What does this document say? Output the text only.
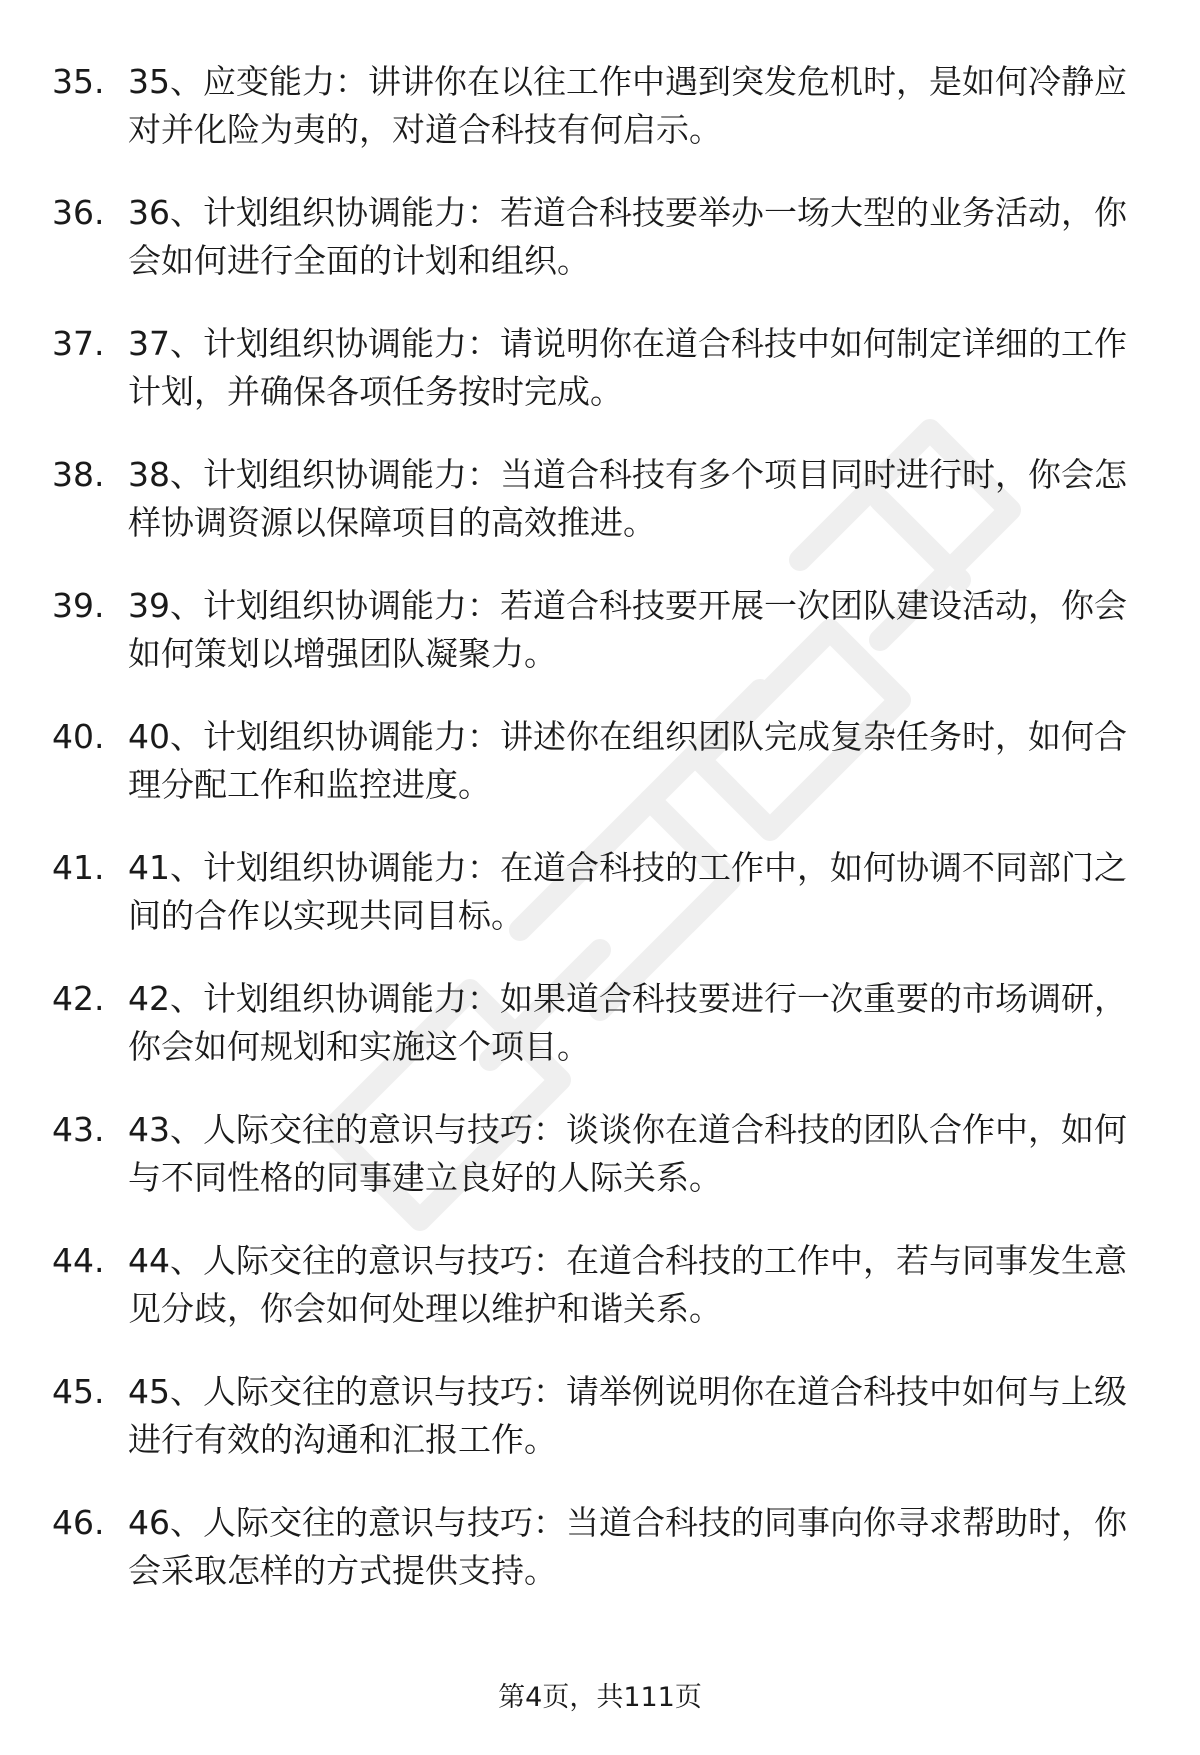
35. 35、应变能力：讲讲你在以往工作中遇到突发危机时，是如何冷静应对并化险为夷的，对道合科技有何启示。
36. 36、计划组织协调能力：若道合科技要举办一场大型的业务活动，你会如何进行全面的计划和组织。
37. 37、计划组织协调能力：请说明你在道合科技中如何制定详细的工作计划，并确保各项任务按时完成。
38. 38、计划组织协调能力：当道合科技有多个项目同时进行时，你会怎样协调资源以保障项目的高效推进。
39. 39、计划组织协调能力：若道合科技要开展一次团队建设活动，你会如何策划以增强团队凝聚力。
40. 40、计划组织协调能力：讲述你在组织团队完成复杂任务时，如何合理分配工作和监控进度。
41. 41、计划组织协调能力：在道合科技的工作中，如何协调不同部门之间的合作以实现共同目标。
42. 42、计划组织协调能力：如果道合科技要进行一次重要的市场调研，你会如何规划和实施这个项目。
43. 43、人际交往的意识与技巧：谈谈你在道合科技的团队合作中，如何与不同性格的同事建立良好的人际关系。
44. 44、人际交往的意识与技巧：在道合科技的工作中，若与同事发生意见分歧，你会如何处理以维护和谐关系。
45. 45、人际交往的意识与技巧：请举例说明你在道合科技中如何与上级进行有效的沟通和汇报工作。
46. 46、人际交往的意识与技巧：当道合科技的同事向你寻求帮助时，你会采取怎样的方式提供支持。
第4页，共111页
